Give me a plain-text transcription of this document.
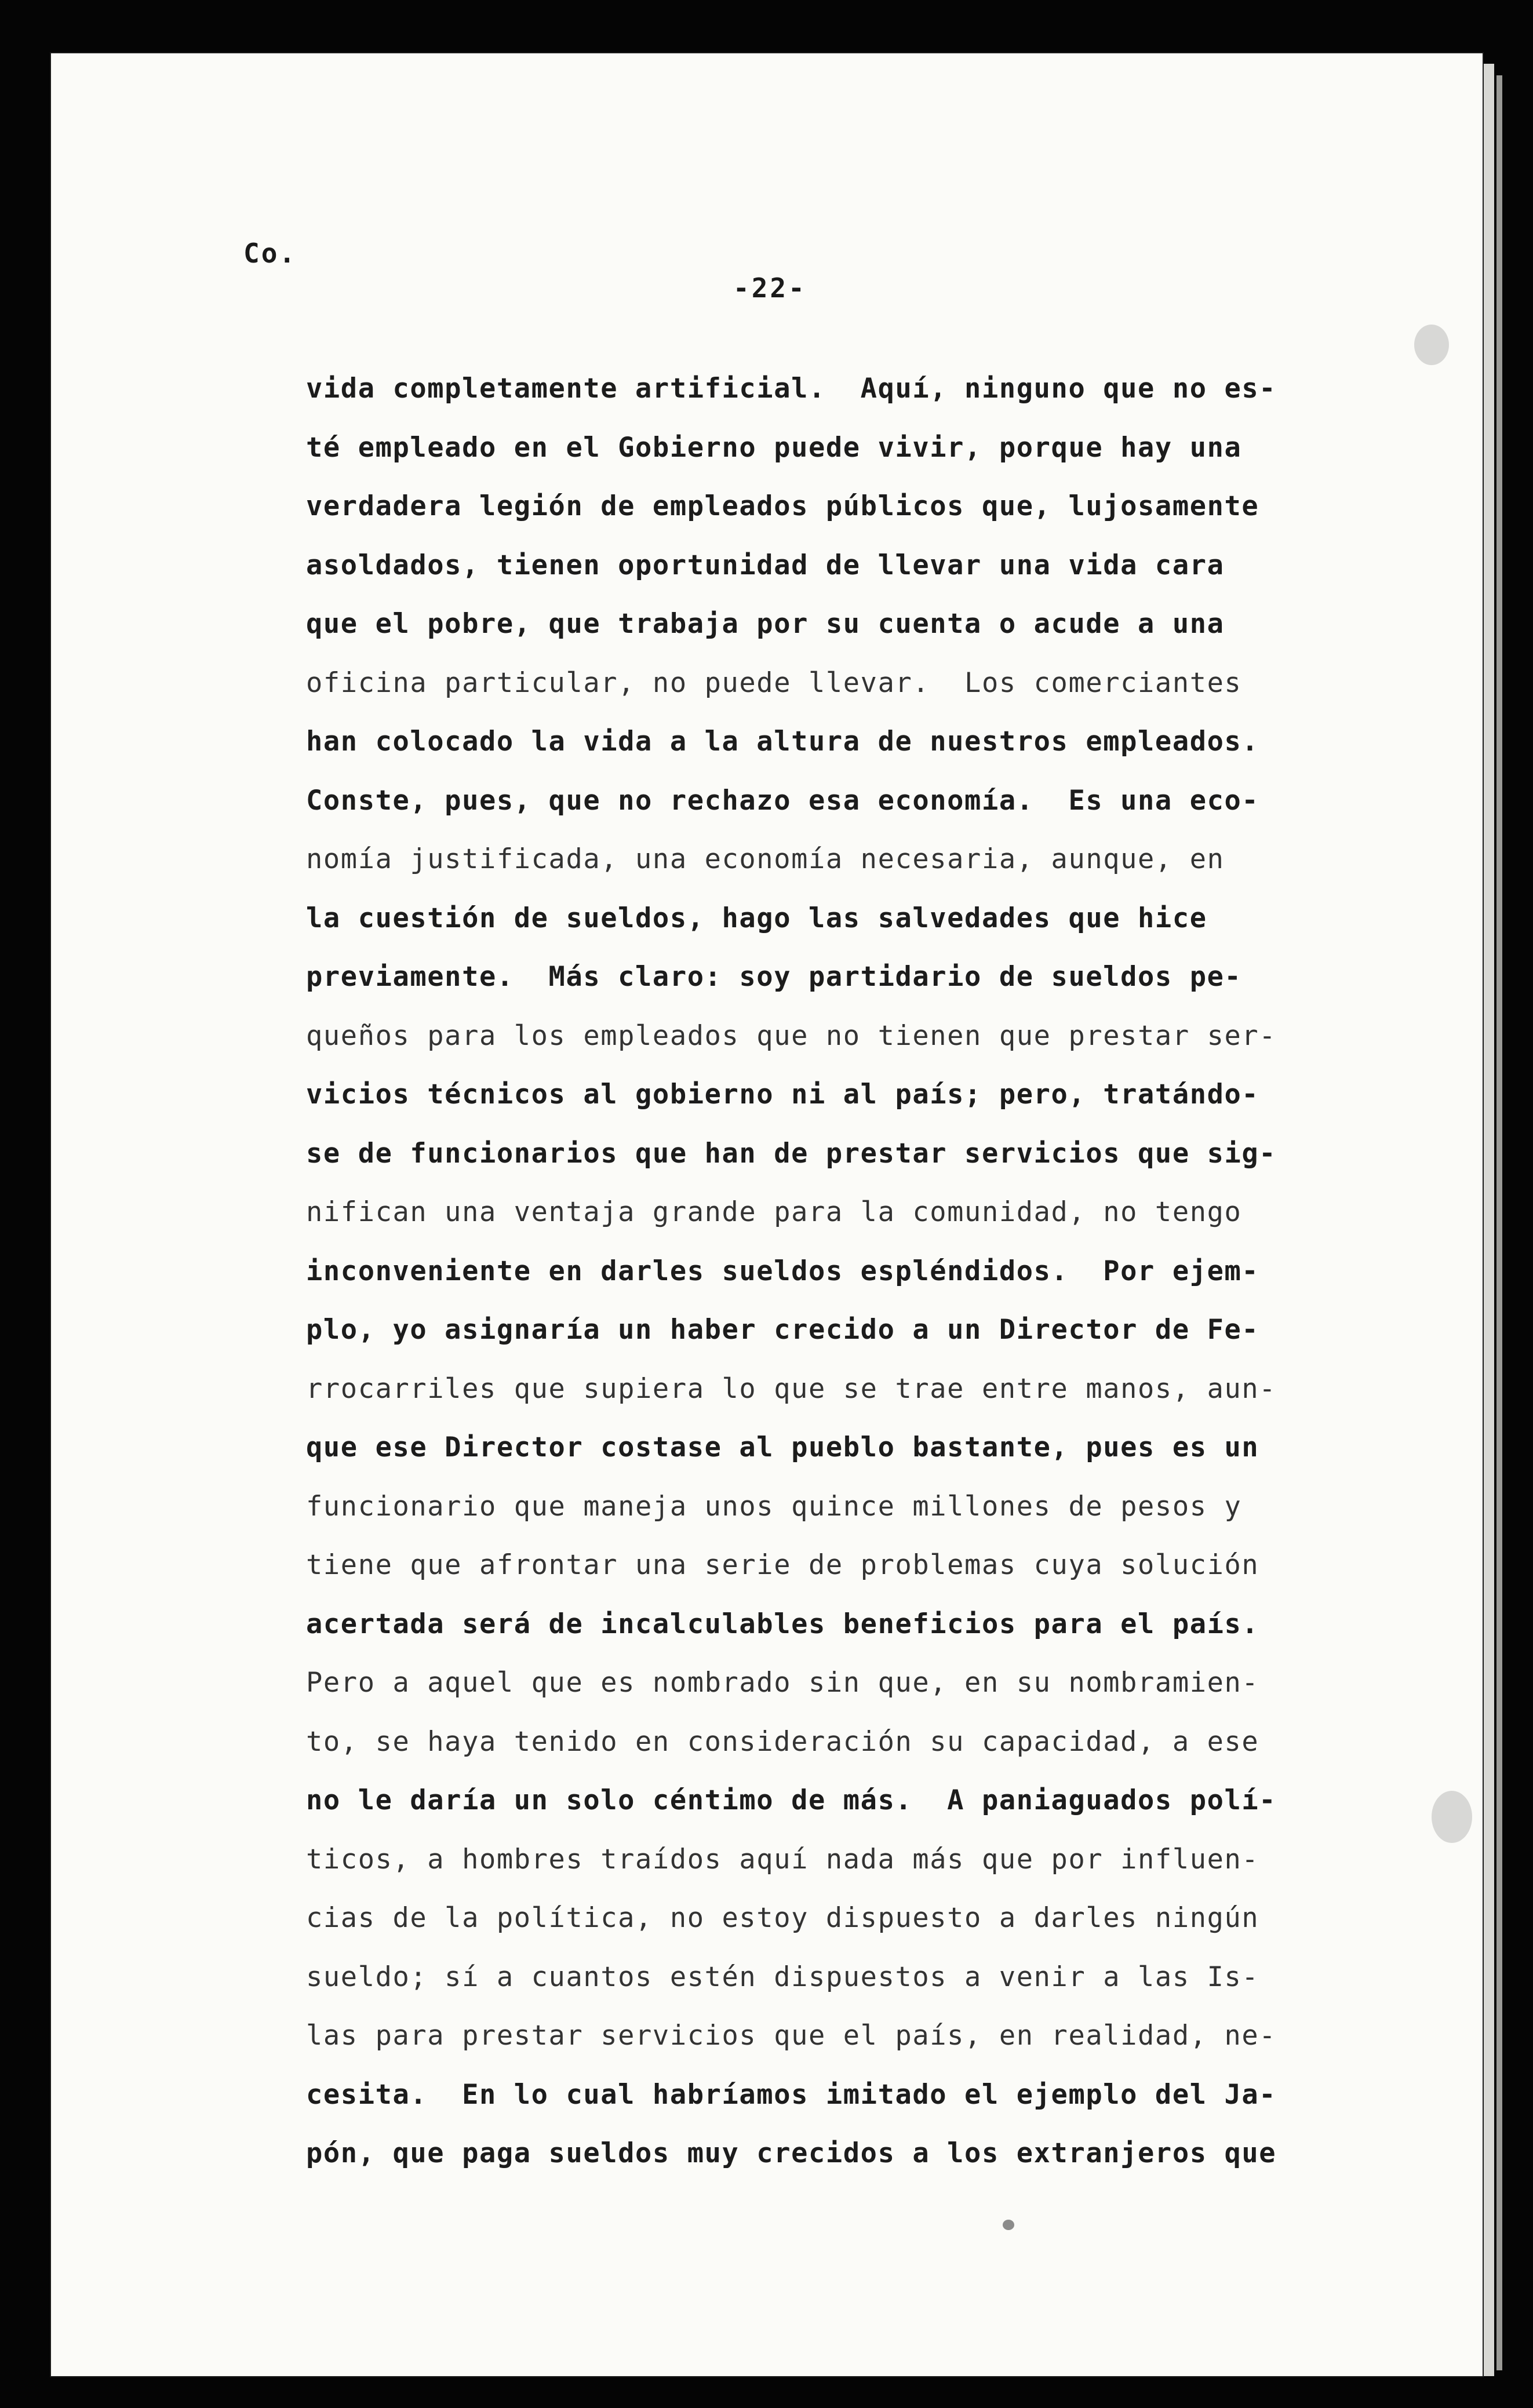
Co.

-22-

vida completamente artificial.  Aquí, ninguno que no es-
té empleado en el Gobierno puede vivir, porque hay una
verdadera legión de empleados públicos que, lujosamente
asoldados, tienen oportunidad de llevar una vida cara
que el pobre, que trabaja por su cuenta o acude a una
oficina particular, no puede llevar.  Los comerciantes
han colocado la vida a la altura de nuestros empleados.
Conste, pues, que no rechazo esa economía.  Es una eco-
nomía justificada, una economía necesaria, aunque, en
la cuestión de sueldos, hago las salvedades que hice
previamente.  Más claro: soy partidario de sueldos pe-
queños para los empleados que no tienen que prestar ser-
vicios técnicos al gobierno ni al país; pero, tratándo-
se de funcionarios que han de prestar servicios que sig-
nifican una ventaja grande para la comunidad, no tengo
inconveniente en darles sueldos espléndidos.  Por ejem-
plo, yo asignaría un haber crecido a un Director de Fe-
rrocarriles que supiera lo que se trae entre manos, aun-
que ese Director costase al pueblo bastante, pues es un
funcionario que maneja unos quince millones de pesos y
tiene que afrontar una serie de problemas cuya solución
acertada será de incalculables beneficios para el país.
Pero a aquel que es nombrado sin que, en su nombramien-
to, se haya tenido en consideración su capacidad, a ese
no le daría un solo céntimo de más.  A paniaguados polí-
ticos, a hombres traídos aquí nada más que por influen-
cias de la política, no estoy dispuesto a darles ningún
sueldo; sí a cuantos estén dispuestos a venir a las Is-
las para prestar servicios que el país, en realidad, ne-
cesita.  En lo cual habríamos imitado el ejemplo del Ja-
pón, que paga sueldos muy crecidos a los extranjeros que
